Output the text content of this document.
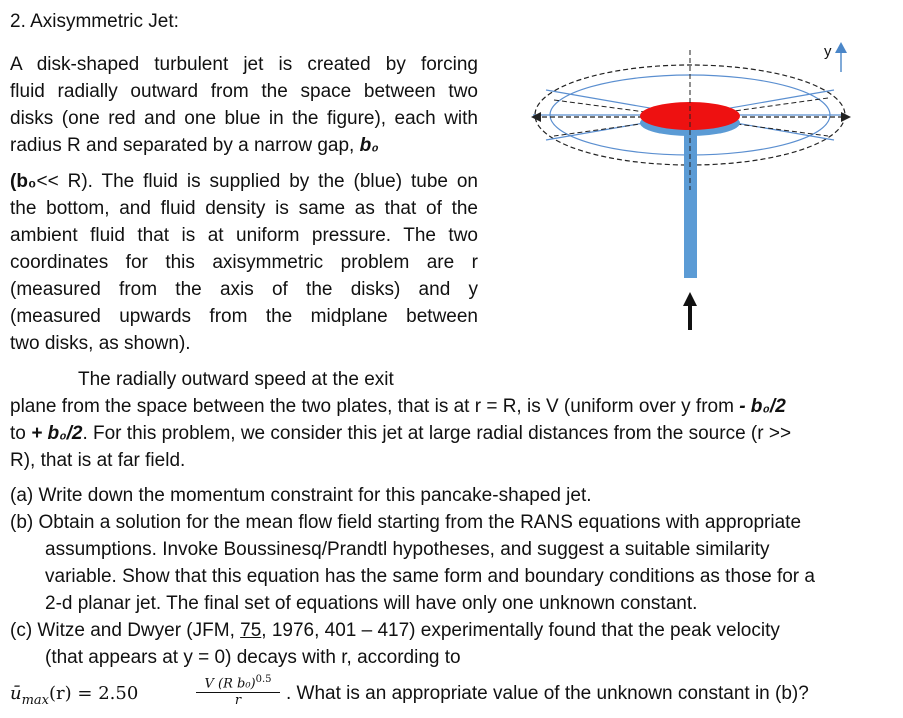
2. Axisymmetric Jet:
A disk-shaped turbulent jet is created by forcing
fluid radially outward from the space between two
disks (one red and one blue in the figure), each with
radius R and separated by a narrow gap, b₀
(b₀<< R). The fluid is supplied by the (blue) tube on
the bottom, and fluid density is same as that of the
ambient fluid that is at uniform pressure. The two
coordinates for this axisymmetric problem are r
(measured from the axis of the disks) and y
(measured upwards from the midplane between
two disks, as shown).
The radially outward speed at the exit
plane from the space between the two plates, that is at r = R, is V (uniform over y from - b₀/2
to + b₀/2. For this problem, we consider this jet at large radial distances from the source (r >>
R), that is at far field.
(a) Write down the momentum constraint for this pancake-shaped jet.
(b) Obtain a solution for the mean flow field starting from the RANS equations with appropriate
assumptions. Invoke Boussinesq/Prandtl hypotheses, and suggest a suitable similarity
variable. Show that this equation has the same form and boundary conditions as those for a
2-d planar jet. The final set of equations will have only one unknown constant.
(c) Witze and Dwyer (JFM, 75, 1976, 401 – 417) experimentally found that the peak velocity
(that appears at y = 0) decays with r, according to
$ū_{max}(r) = 2.50$	$\frac{V (R b_0)^{0.5}}{r}$ . What is an appropriate value of the unknown constant in (b)?
y
